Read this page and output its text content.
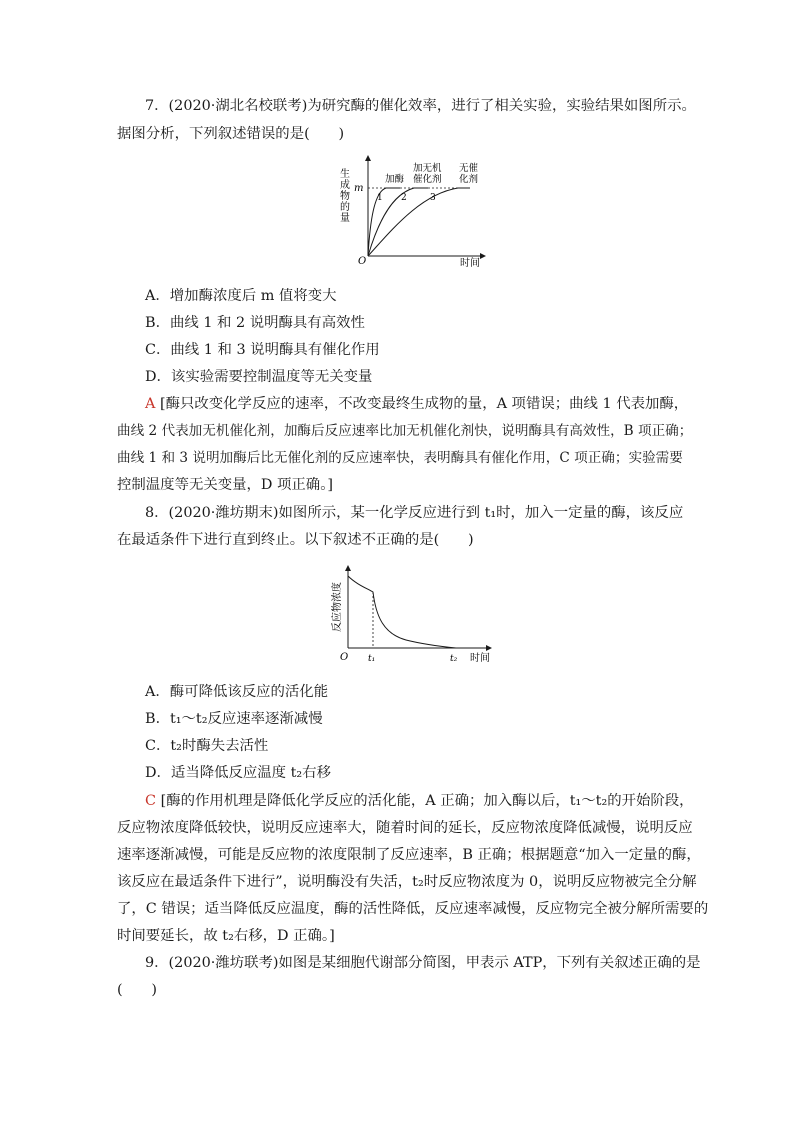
7．(2020·湖北名校联考)为研究酶的催化效率，进行了相关实验，实验结果如图所示。
据图分析，下列叙述错误的是(　　)
生
成
物
的
量
m
O	时间
1 2	3
加酶
加无机
催化剂
无催
化剂
A．增加酶浓度后 m 值将变大
B．曲线 1 和 2 说明酶具有高效性
C．曲线 1 和 3 说明酶具有催化作用
D．该实验需要控制温度等无关变量
A [酶只改变化学反应的速率，不改变最终生成物的量，A 项错误；曲线 1 代表加酶，
曲线 2 代表加无机催化剂，加酶后反应速率比加无机催化剂快，说明酶具有高效性，B 项正确；
曲线 1 和 3 说明加酶后比无催化剂的反应速率快，表明酶具有催化作用，C 项正确；实验需要
控制温度等无关变量，D 项正确。]
8．(2020·潍坊期末)如图所示，某一化学反应进行到 t₁时，加入一定量的酶，该反应
在最适条件下进行直到终止。以下叙述不正确的是(　　)
反应物浓度
O t₁	t₂ 时间
A．酶可降低该反应的活化能
B．t₁～t₂反应速率逐渐减慢
C．t₂时酶失去活性
D．适当降低反应温度 t₂右移
C [酶的作用机理是降低化学反应的活化能，A 正确；加入酶以后，t₁～t₂的开始阶段，
反应物浓度降低较快，说明反应速率大，随着时间的延长，反应物浓度降低减慢，说明反应
速率逐渐减慢，可能是反应物的浓度限制了反应速率，B 正确；根据题意“加入一定量的酶，
该反应在最适条件下进行”，说明酶没有失活，t₂时反应物浓度为 0，说明反应物被完全分解
了，C 错误；适当降低反应温度，酶的活性降低，反应速率减慢，反应物完全被分解所需要的
时间要延长，故 t₂右移，D 正确。]
9．(2020·潍坊联考)如图是某细胞代谢部分简图，甲表示 ATP，下列有关叙述正确的是
(　　)
